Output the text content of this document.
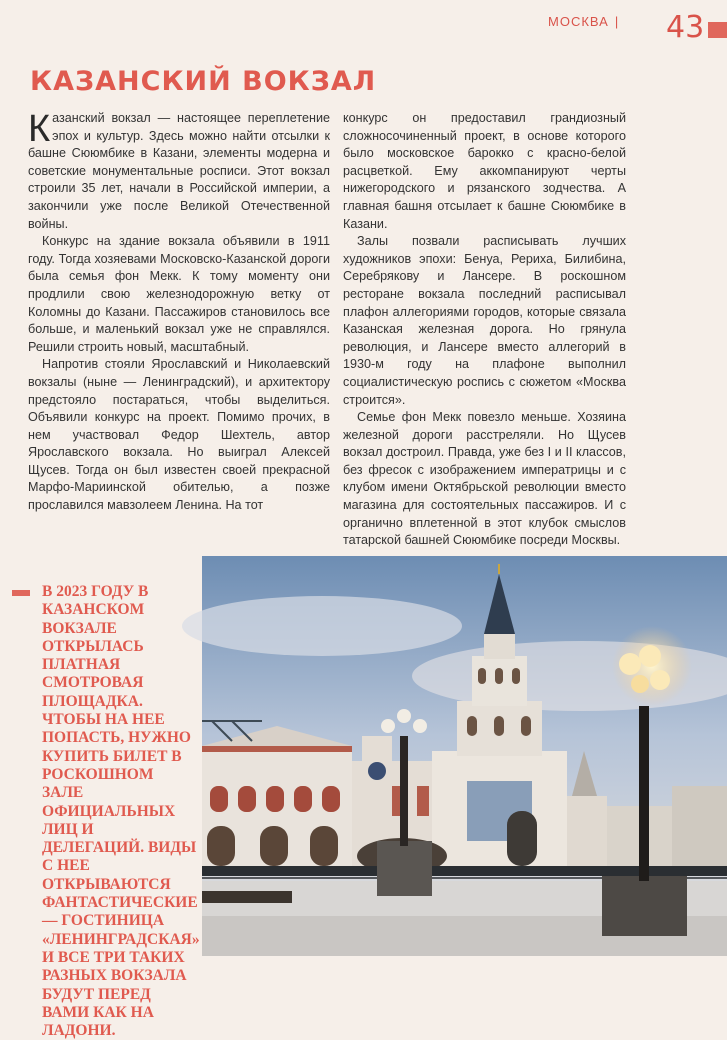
МОСКВА | 43
КАЗАНСКИЙ ВОКЗАЛ

Казанский вокзал — настоящее переплетение эпох и культур. Здесь можно найти отсылки к башне Сююмбике в Казани, элементы модерна и советские монументальные росписи. Этот вокзал строили 35 лет, начали в Российской империи, а закончили уже после Великой Отечественной войны.

Конкурс на здание вокзала объявили в 1911 году. Тогда хозяевами Московско-Казанской дороги была семья фон Мекк. К тому моменту они продлили свою железнодорожную ветку от Коломны до Казани. Пассажиров становилось все больше, и маленький вокзал уже не справлялся. Решили строить новый, масштабный.

Напротив стояли Ярославский и Николаевский вокзалы (ныне — Ленинградский), и архитектору предстояло постараться, чтобы выделиться. Объявили конкурс на проект. Помимо прочих, в нем участвовал Федор Шехтель, автор Ярославского вокзала. Но выиграл Алексей Щусев. Тогда он был известен своей прекрасной Марфо-Мариинской обителью, а позже прославился мавзолеем Ленина. На тот

конкурс он предоставил грандиозный сложносочиненный проект, в основе которого было московское барокко с красно-белой расцветкой. Ему аккомпанируют черты нижегородского и рязанского зодчества. А главная башня отсылает к башне Сююмбике в Казани.

Залы позвали расписывать лучших художников эпохи: Бенуа, Рериха, Билибина, Серебрякову и Лансере. В роскошном ресторане вокзала последний расписывал плафон аллегориями городов, которые связала Казанская железная дорога. Но грянула революция, и Лансере вместо аллегорий в 1930-м году на плафоне выполнил социалистическую роспись с сюжетом «Москва строится».

Семье фон Мекк повезло меньше. Хозяина железной дороги расстреляли. Но Щусев вокзал достроил. Правда, уже без I и II классов, без фресок с изображением императрицы и с клубом имени Октябрьской революции вместо магазина для состоятельных пассажиров. И с органично вплетенной в этот клубок смыслов татарской башней Сююмбике посреди Москвы.

В 2023 ГОДУ В КАЗАНСКОМ ВОКЗАЛЕ ОТКРЫЛАСЬ ПЛАТНАЯ СМОТРОВАЯ ПЛОЩАДКА. ЧТОБЫ НА НЕЕ ПОПАСТЬ, НУЖНО КУПИТЬ БИЛЕТ В РОСКОШНОМ ЗАЛЕ ОФИЦИАЛЬНЫХ ЛИЦ И ДЕЛЕГАЦИЙ. ВИДЫ С НЕЕ ОТКРЫВАЮТСЯ ФАНТАСТИЧЕСКИЕ — ГОСТИНИЦА «ЛЕНИНГРАДСКАЯ» И ВСЕ ТРИ ТАКИХ РАЗНЫХ ВОКЗАЛА БУДУТ ПЕРЕД ВАМИ КАК НА ЛАДОНИ.
